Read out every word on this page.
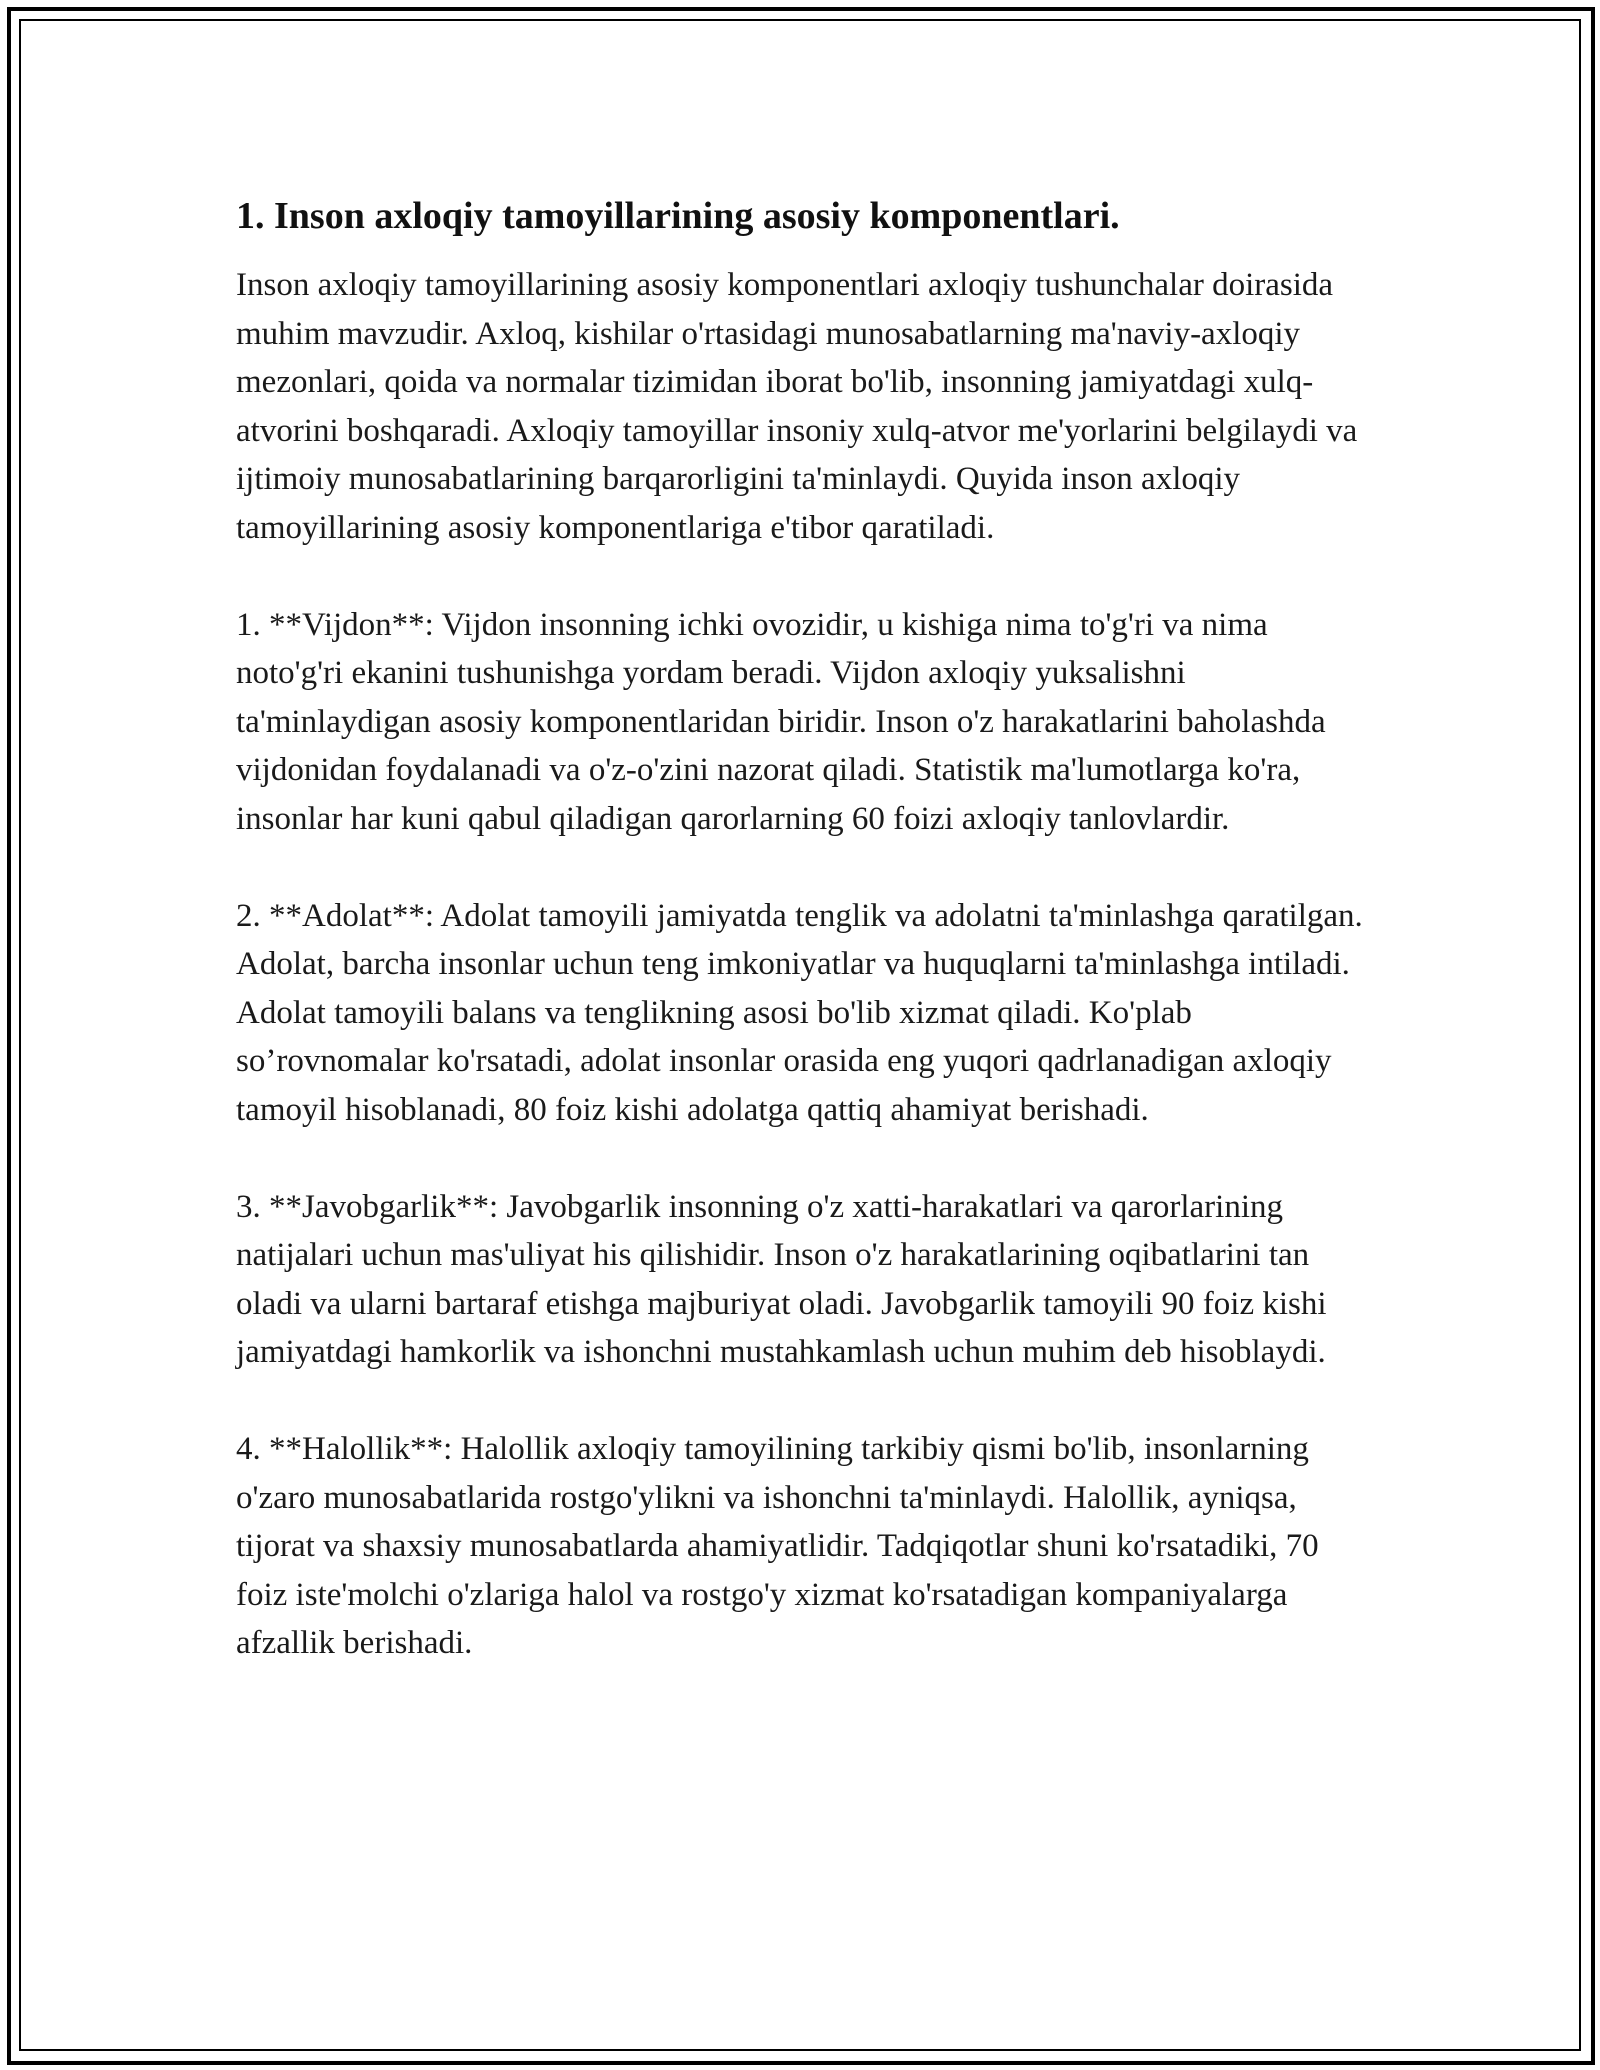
1. Inson axloqiy tamoyillarining asosiy komponentlari.

Inson axloqiy tamoyillarining asosiy komponentlari axloqiy tushunchalar doirasida muhim mavzudir. Axloq, kishilar o'rtasidagi munosabatlarning ma'naviy-axloqiy mezonlari, qoida va normalar tizimidan iborat bo'lib, insonning jamiyatdagi xulq-atvorini boshqaradi. Axloqiy tamoyillar insoniy xulq-atvor me'yorlarini belgilaydi va ijtimoiy munosabatlarining barqarorligini ta'minlaydi. Quyida inson axloqiy tamoyillarining asosiy komponentlariga e'tibor qaratiladi.

1. **Vijdon**: Vijdon insonning ichki ovozidir, u kishiga nima to'g'ri va nima noto'g'ri ekanini tushunishga yordam beradi. Vijdon axloqiy yuksalishni ta'minlaydigan asosiy komponentlaridan biridir. Inson o'z harakatlarini baholashda vijdonidan foydalanadi va o'z-o'zini nazorat qiladi. Statistik ma'lumotlarga ko'ra, insonlar har kuni qabul qiladigan qarorlarning 60 foizi axloqiy tanlovlardir.

2. **Adolat**: Adolat tamoyili jamiyatda tenglik va adolatni ta'minlashga qaratilgan. Adolat, barcha insonlar uchun teng imkoniyatlar va huquqlarni ta'minlashga intiladi. Adolat tamoyili balans va tenglikning asosi bo'lib xizmat qiladi. Ko'plab so’rovnomalar ko'rsatadi, adolat insonlar orasida eng yuqori qadrlanadigan axloqiy tamoyil hisoblanadi, 80 foiz kishi adolatga qattiq ahamiyat berishadi.

3. **Javobgarlik**: Javobgarlik insonning o'z xatti-harakatlari va qarorlarining natijalari uchun mas'uliyat his qilishidir. Inson o'z harakatlarining oqibatlarini tan oladi va ularni bartaraf etishga majburiyat oladi. Javobgarlik tamoyili 90 foiz kishi jamiyatdagi hamkorlik va ishonchni mustahkamlash uchun muhim deb hisoblaydi.

4. **Halollik**: Halollik axloqiy tamoyilining tarkibiy qismi bo'lib, insonlarning o'zaro munosabatlarida rostgo'ylikni va ishonchni ta'minlaydi. Halollik, ayniqsa, tijorat va shaxsiy munosabatlarda ahamiyatlidir. Tadqiqotlar shuni ko'rsatadiki, 70 foiz iste'molchi o'zlariga halol va rostgo'y xizmat ko'rsatadigan kompaniyalarga afzallik berishadi.
